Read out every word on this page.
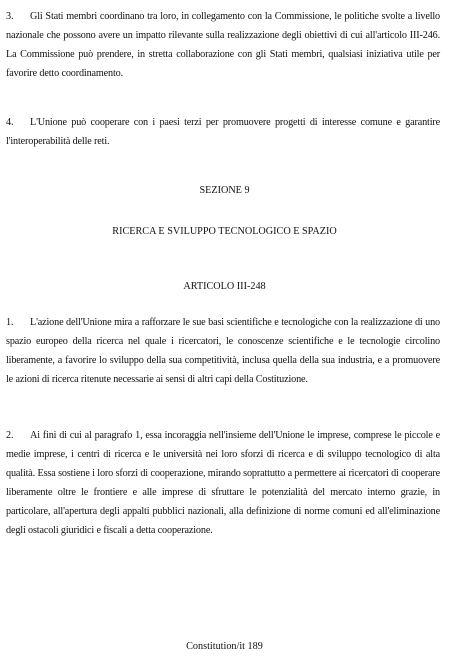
3. Gli Stati membri coordinano tra loro, in collegamento con la Commissione, le politiche svolte a livello nazionale che possono avere un impatto rilevante sulla realizzazione degli obiettivi di cui all'articolo III-246. La Commissione può prendere, in stretta collaborazione con gli Stati membri, qualsiasi iniziativa utile per favorire detto coordinamento.
4. L'Unione può cooperare con i paesi terzi per promuovere progetti di interesse comune e garantire l'interoperabilità delle reti.
SEZIONE 9
RICERCA E SVILUPPO TECNOLOGICO E SPAZIO
ARTICOLO III-248
1. L'azione dell'Unione mira a rafforzare le sue basi scientifiche e tecnologiche con la realizzazione di uno spazio europeo della ricerca nel quale i ricercatori, le conoscenze scientifiche e le tecnologie circolino liberamente, a favorire lo sviluppo della sua competitività, inclusa quella della sua industria, e a promuovere le azioni di ricerca ritenute necessarie ai sensi di altri capi della Costituzione.
2. Ai fini di cui al paragrafo 1, essa incoraggia nell'insieme dell'Unione le imprese, comprese le piccole e medie imprese, i centri di ricerca e le università nei loro sforzi di ricerca e di sviluppo tecnologico di alta qualità. Essa sostiene i loro sforzi di cooperazione, mirando soprattutto a permettere ai ricercatori di cooperare liberamente oltre le frontiere e alle imprese di sfruttare le potenzialità del mercato interno grazie, in particolare, all'apertura degli appalti pubblici nazionali, alla definizione di norme comuni ed all'eliminazione degli ostacoli giuridici e fiscali a detta cooperazione.
Constitution/it 189
